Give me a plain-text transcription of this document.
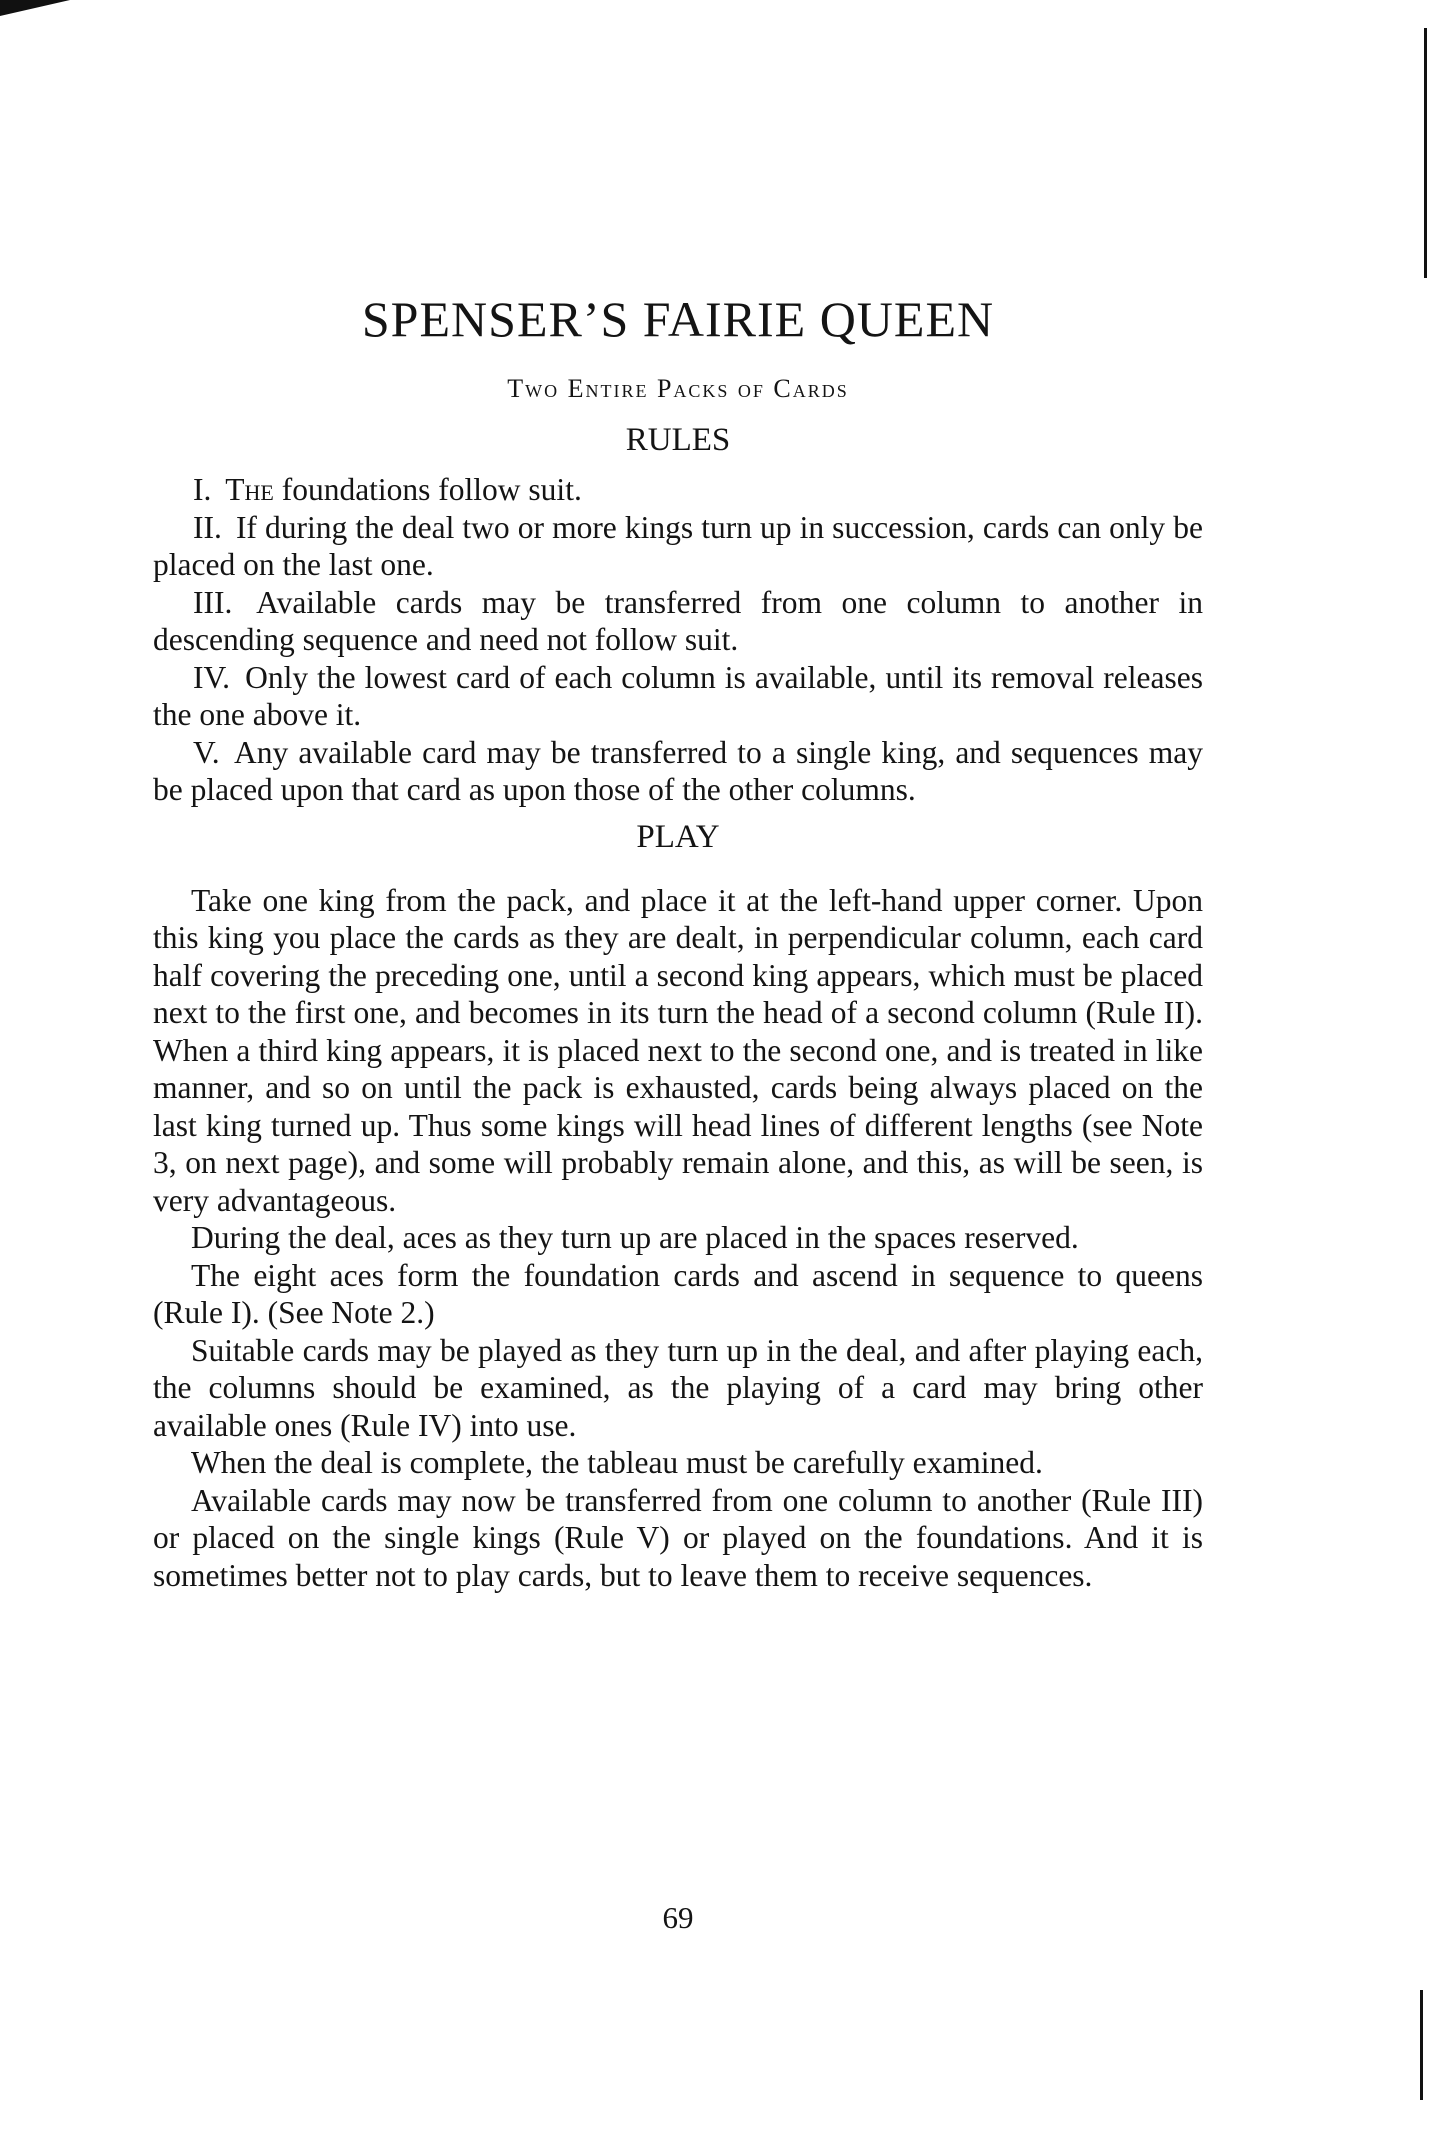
SPENSER’S FAIRIE QUEEN
Two Entire Packs of Cards
RULES

I. The foundations follow suit.

II. If during the deal two or more kings turn up in succession, cards can only be placed on the last one.

III. Available cards may be transferred from one column to another in descending sequence and need not follow suit.

IV. Only the lowest card of each column is available, until its removal releases the one above it.

V. Any available card may be transferred to a single king, and sequences may be placed upon that card as upon those of the other columns.

PLAY

Take one king from the pack, and place it at the left-hand upper corner. Upon this king you place the cards as they are dealt, in perpendicular column, each card half covering the preceding one, until a second king appears, which must be placed next to the first one, and becomes in its turn the head of a second column (Rule II). When a third king appears, it is placed next to the second one, and is treated in like manner, and so on until the pack is exhausted, cards being always placed on the last king turned up. Thus some kings will head lines of different lengths (see Note 3, on next page), and some will probably remain alone, and this, as will be seen, is very advantageous.

During the deal, aces as they turn up are placed in the spaces reserved.

The eight aces form the foundation cards and ascend in sequence to queens (Rule I). (See Note 2.)

Suitable cards may be played as they turn up in the deal, and after playing each, the columns should be examined, as the playing of a card may bring other available ones (Rule IV) into use.

When the deal is complete, the tableau must be carefully examined.

Available cards may now be transferred from one column to another (Rule III) or placed on the single kings (Rule V) or played on the foundations. And it is sometimes better not to play cards, but to leave them to receive sequences.

69
